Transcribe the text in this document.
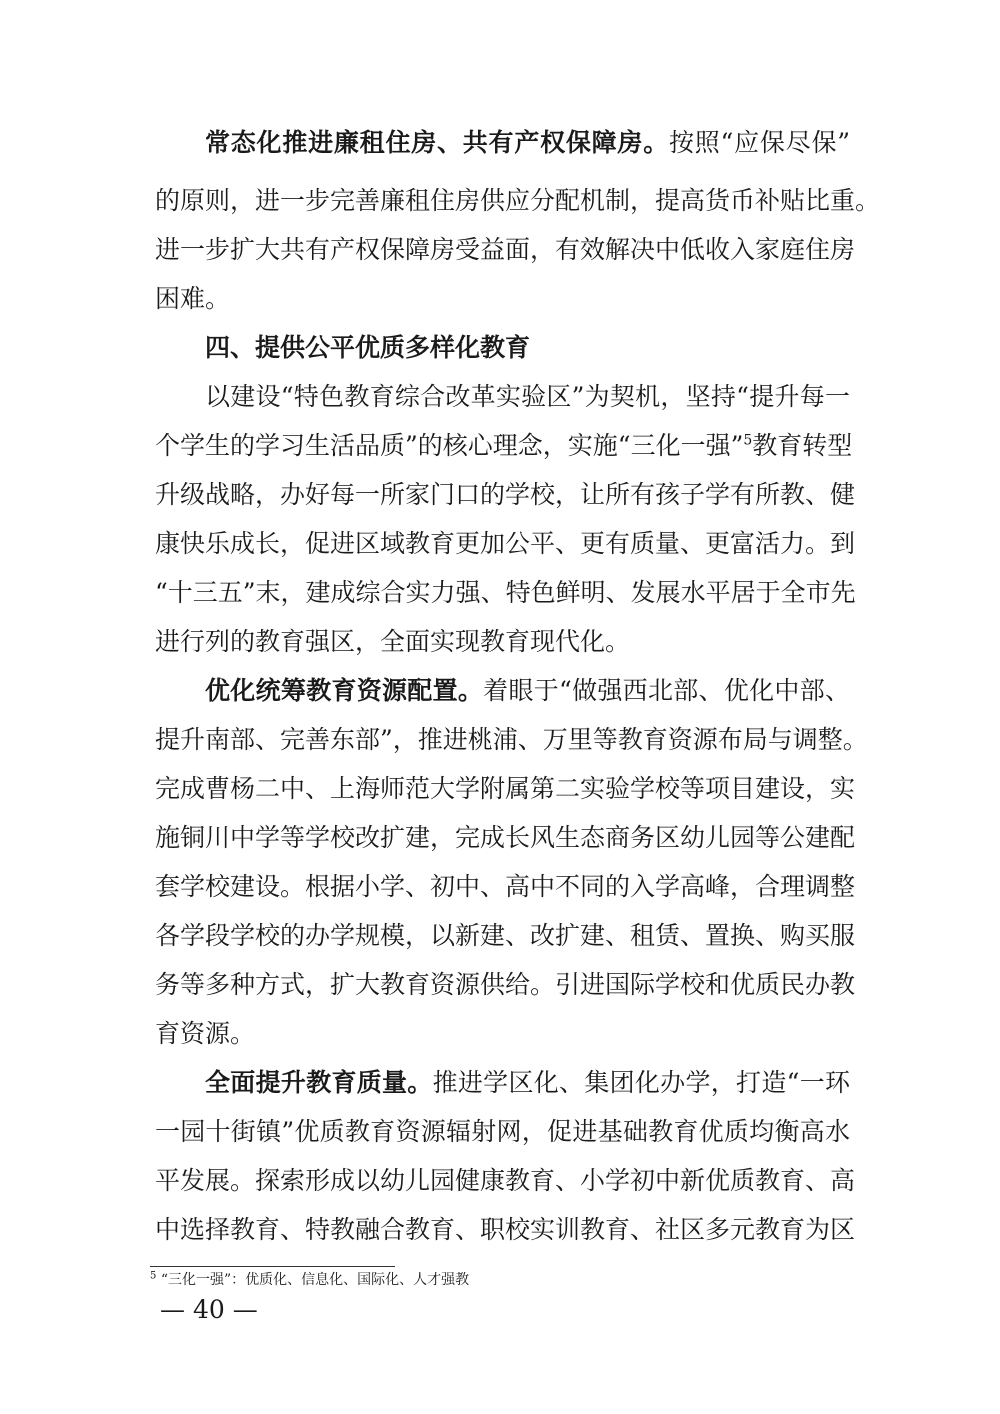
常态化推进廉租住房、共有产权保障房。按照“应保尽保”
的原则，进一步完善廉租住房供应分配机制，提高货币补贴比重。
进一步扩大共有产权保障房受益面，有效解决中低收入家庭住房
困难。
四、提供公平优质多样化教育
以建设“特色教育综合改革实验区”为契机，坚持“提升每一
个学生的学习生活品质”的核心理念，实施“三化一强”$^5$教育转型
升级战略，办好每一所家门口的学校，让所有孩子学有所教、健
康快乐成长，促进区域教育更加公平、更有质量、更富活力。到
“十三五”末，建成综合实力强、特色鲜明、发展水平居于全市先
进行列的教育强区，全面实现教育现代化。
优化统筹教育资源配置。着眼于“做强西北部、优化中部、
提升南部、完善东部”，推进桃浦、万里等教育资源布局与调整。
完成曹杨二中、上海师范大学附属第二实验学校等项目建设，实
施铜川中学等学校改扩建，完成长风生态商务区幼儿园等公建配
套学校建设。根据小学、初中、高中不同的入学高峰，合理调整
各学段学校的办学规模，以新建、改扩建、租赁、置换、购买服
务等多种方式，扩大教育资源供给。引进国际学校和优质民办教
育资源。
全面提升教育质量。推进学区化、集团化办学，打造“一环
一园十街镇”优质教育资源辐射网，促进基础教育优质均衡高水
平发展。探索形成以幼儿园健康教育、小学初中新优质教育、高
中选择教育、特教融合教育、职校实训教育、社区多元教育为区
$^5$ “三化一强”：优质化、信息化、国际化、人才强教
— 40 —
